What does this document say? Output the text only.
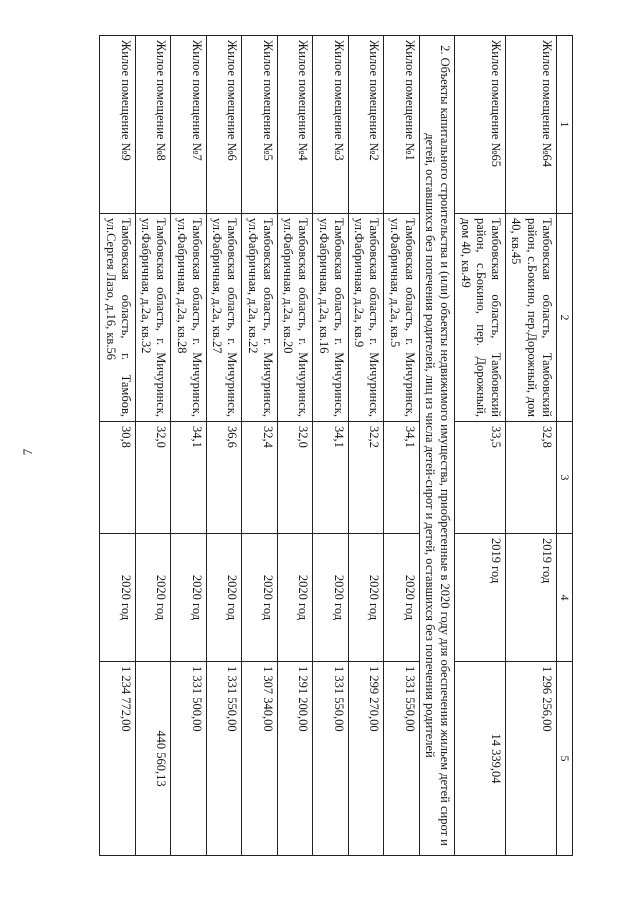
7
1	2	3	4	5
Жилое помещение №64	Тамбовская область, Тамбовский район, с.Бокино, пер.Дорожный, дом 40, кв.45	32,8	2019 год	1 296 256,00
Жилое помещение №65	Тамбовская область, Тамбовский район, с.Бокино, пер. Дорожный, дом 40, кв.49	33,5	2019 год	14 339,04
2. Объекты капитального строительства и (или) объекты недвижимого имущества, приобретенные в 2020 году для обеспечения жильем детей сирот и детей, оставшихся без попечения родителей, лиц из числа детей-сирот и детей, оставшихся без попечения родителей				
Жилое помещение №1	Тамбовская область, г. Мичуринск, ул.Фабричная, д.2а, кв.5	34,1	2020 год	1 331 550,00
Жилое помещение №2	Тамбовская область, г. Мичуринск, ул.Фабричная, д.2а, кв.9	32,2	2020 год	1 299 270,00
Жилое помещение №3	Тамбовская область, г. Мичуринск, ул.Фабричная, д.2а, кв.16	34,1	2020 год	1 331 550,00
Жилое помещение №4	Тамбовская область, г. Мичуринск, ул.Фабричная, д.2а, кв.20	32,0	2020 год	1 291 200,00
Жилое помещение №5	Тамбовская область, г. Мичуринск, ул.Фабричная, д.2а, кв.22	32,4	2020 год	1 307 340,00
Жилое помещение №6	Тамбовская область, г. Мичуринск, ул.Фабричная, д.2а, кв.27	36,6	2020 год	1 331 550,00
Жилое помещение №7	Тамбовская область, г. Мичуринск, ул.Фабричная, д.2а, кв.28	34,1	2020 год	1 331 500,00
Жилое помещение №8	Тамбовская область, г. Мичуринск, ул.Фабричная, д.2а, кв.32	32,0	2020 год	440 560,13
Жилое помещение №9	Тамбовская область, г. Тамбов, ул.Сергея Лазо, д.16, кв.56	30,8	2020 год	1 234 772,00
